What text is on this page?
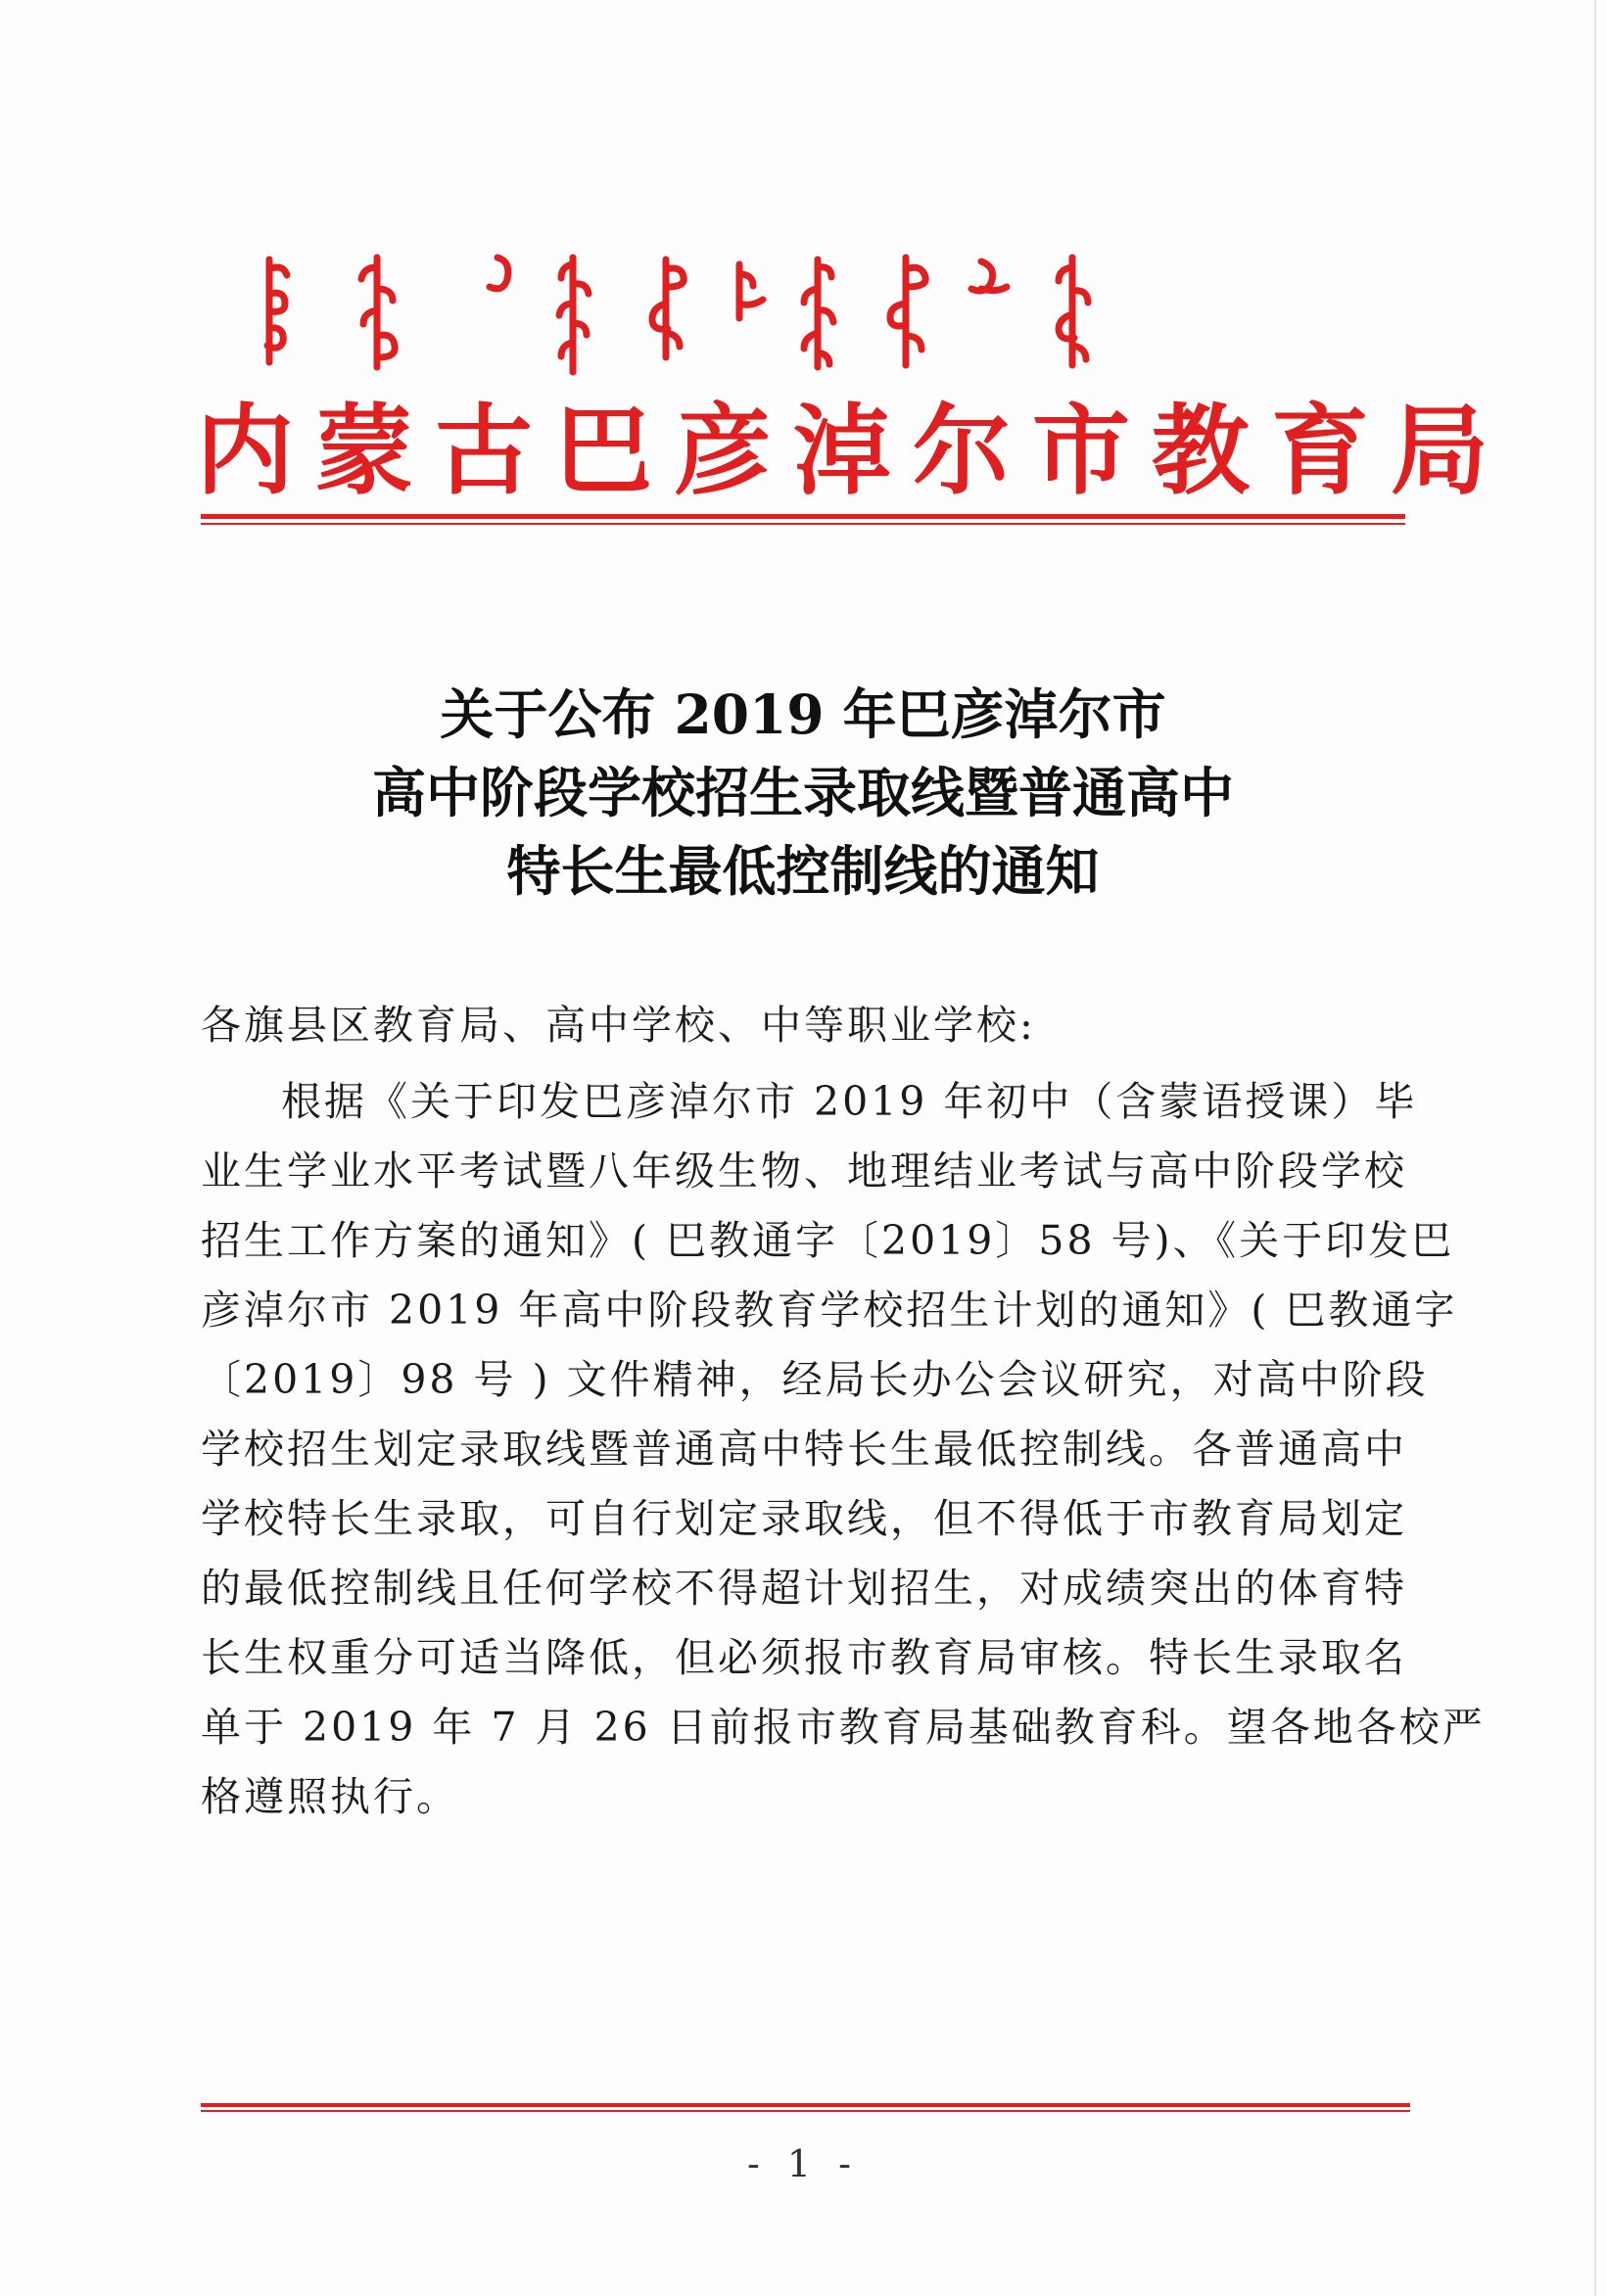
内蒙古巴彦淖尔市教育局
关于公布 2019 年巴彦淖尔市
高中阶段学校招生录取线暨普通高中
特长生最低控制线的通知
各旗县区教育局、高中学校、中等职业学校:
根据《关于印发巴彦淖尔市 2019 年初中（含蒙语授课）毕
业生学业水平考试暨八年级生物、地理结业考试与高中阶段学校
招生工作方案的通知》( 巴教通字〔2019〕58 号)、《关于印发巴
彦淖尔市 2019 年高中阶段教育学校招生计划的通知》( 巴教通字
〔2019〕98 号 ) 文件精神，经局长办公会议研究，对高中阶段
学校招生划定录取线暨普通高中特长生最低控制线。各普通高中
学校特长生录取，可自行划定录取线，但不得低于市教育局划定
的最低控制线且任何学校不得超计划招生，对成绩突出的体育特
长生权重分可适当降低，但必须报市教育局审核。特长生录取名
单于 2019 年 7 月 26 日前报市教育局基础教育科。望各地各校严
格遵照执行。
- 1 -
